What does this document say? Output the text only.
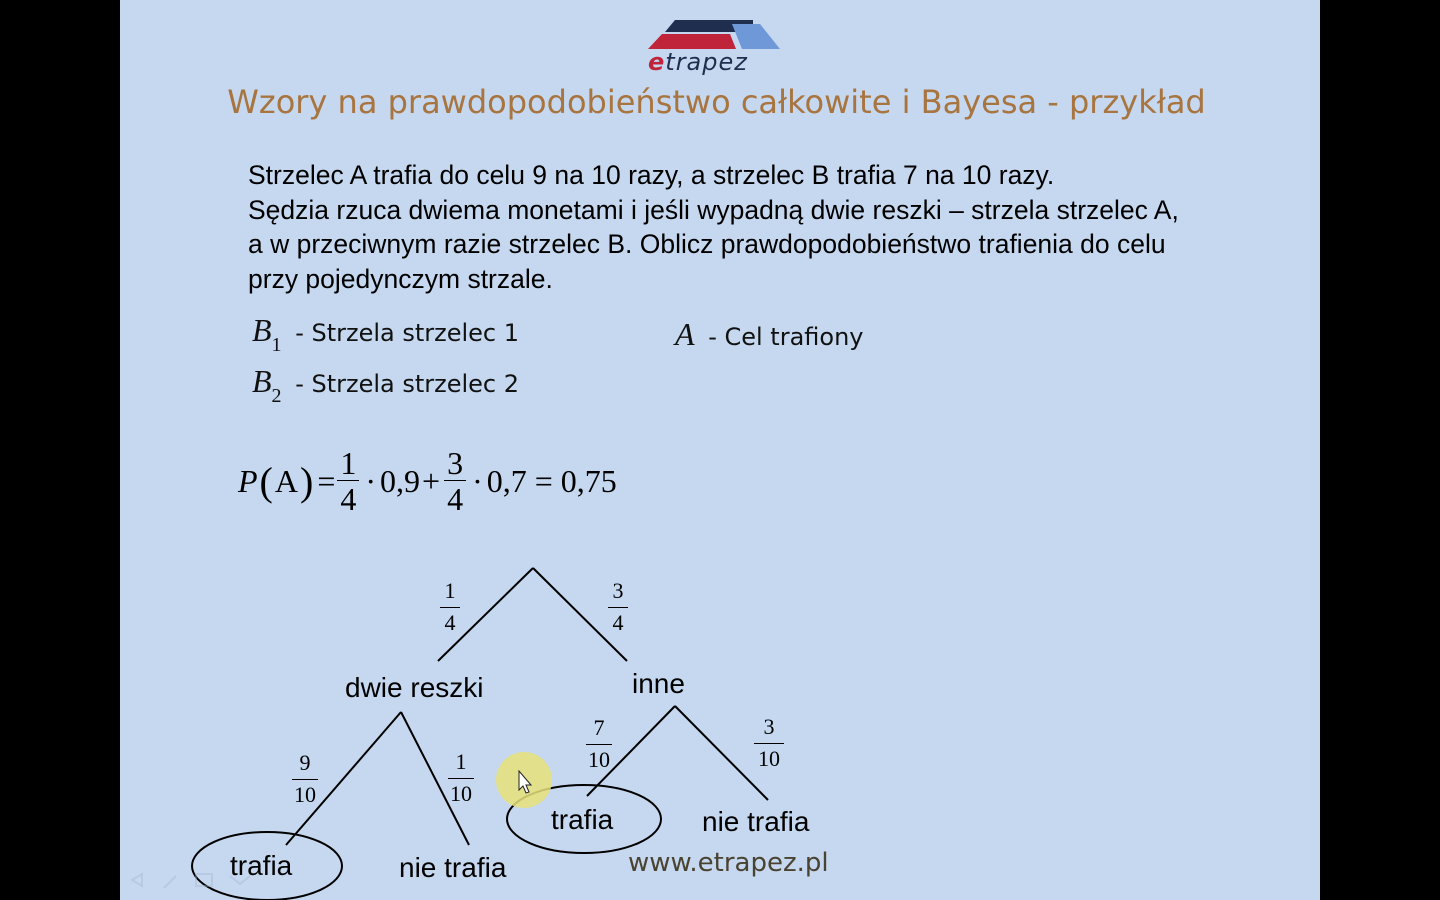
etrapez
Wzory na prawdopodobieństwo całkowite i Bayesa - przykład
Strzelec A trafia do celu 9 na 10 razy, a strzelec B trafia 7 na 10 razy.
Sędzia rzuca dwiema monetami i jeśli wypadną dwie reszki – strzela strzelec A,
a w przeciwnym razie strzelec B. Oblicz prawdopodobieństwo trafienia do celu
przy pojedynczym strzale.
$B_1$ - Strzela strzelec 1
$B_2$ - Strzela strzelec 2
A - Cel trafiony
P ( A ) = $\frac{1}{4} \cdot 0,9 + \frac{3}{4} \cdot 0,7 = 0,75$
1
4
3
4
9
10
1
10
7
10
3
10
dwie reszki	inne
trafia	nie trafia
trafia	nie trafia
www.etrapez.pl
